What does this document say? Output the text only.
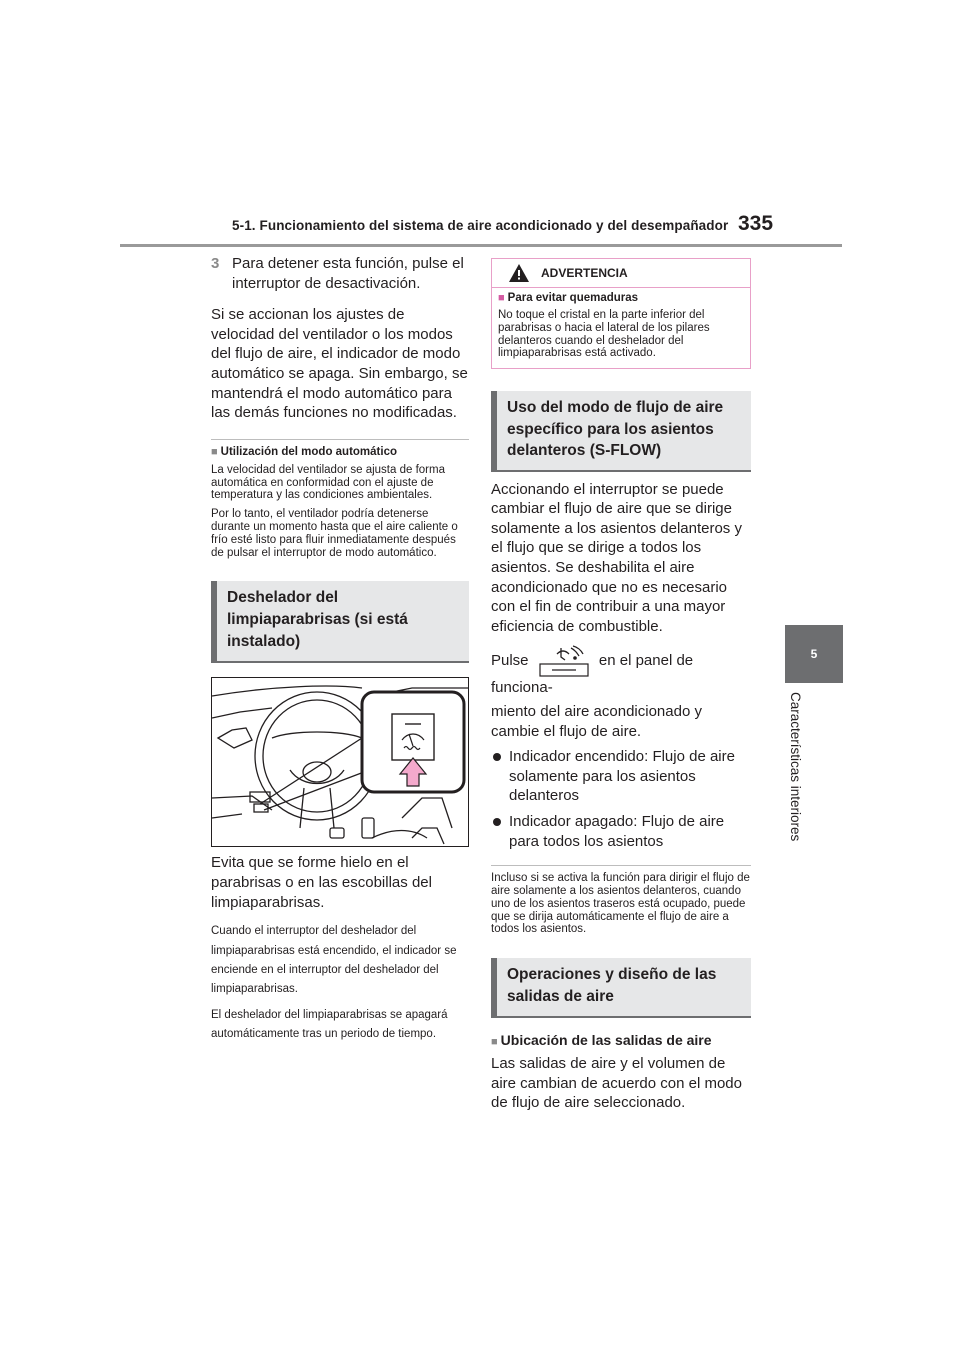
5-1. Funcionamiento del sistema de aire acondicionado y del desempañador 335
5
Características interiores
3 Para detener esta función, pulse el interruptor de desactivación.

Si se accionan los ajustes de velocidad del ventilador o los modos del flujo de aire, el indicador de modo automático se apaga. Sin embargo, se mantendrá el modo automático para las demás funciones no modificadas.

■ Utilización del modo automático

La velocidad del ventilador se ajusta de forma automática en conformidad con el ajuste de temperatura y las condiciones ambientales.

Por lo tanto, el ventilador podría detenerse durante un momento hasta que el aire caliente o frío esté listo para fluir inmediatamente después de pulsar el interruptor de modo automático.

Deshelador del limpiaparabrisas (si está instalado)

Evita que se forme hielo en el parabrisas o en las escobillas del limpiaparabrisas.

Cuando el interruptor del deshelador del limpiaparabrisas está encendido, el indicador se enciende en el interruptor del deshelador del limpiaparabrisas.

El deshelador del limpiaparabrisas se apagará automáticamente tras un periodo de tiempo.

ADVERTENCIA
■ Para evitar quemaduras

No toque el cristal en la parte inferior del parabrisas o hacia el lateral de los pilares delanteros cuando el deshelador del limpiaparabrisas está activado.

Uso del modo de flujo de aire específico para los asientos delanteros (S-FLOW)

Accionando el interruptor se puede cambiar el flujo de aire que se dirige solamente a los asientos delanteros y el flujo que se dirige a todos los asientos. Se deshabilita el aire acondicionado que no es necesario con el fin de contribuir a una mayor eficiencia de combustible.

Pulse	en el panel de funciona-

miento del aire acondicionado y cambie el flujo de aire.

Indicador encendido: Flujo de aire solamente para los asientos delanteros
Indicador apagado: Flujo de aire para todos los asientos

Incluso si se activa la función para dirigir el flujo de aire solamente a los asientos delanteros, cuando uno de los asientos traseros está ocupado, puede que se dirija automáticamente el flujo de aire a todos los asientos.

Operaciones y diseño de las salidas de aire
■ Ubicación de las salidas de aire

Las salidas de aire y el volumen de aire cambian de acuerdo con el modo de flujo de aire seleccionado.
